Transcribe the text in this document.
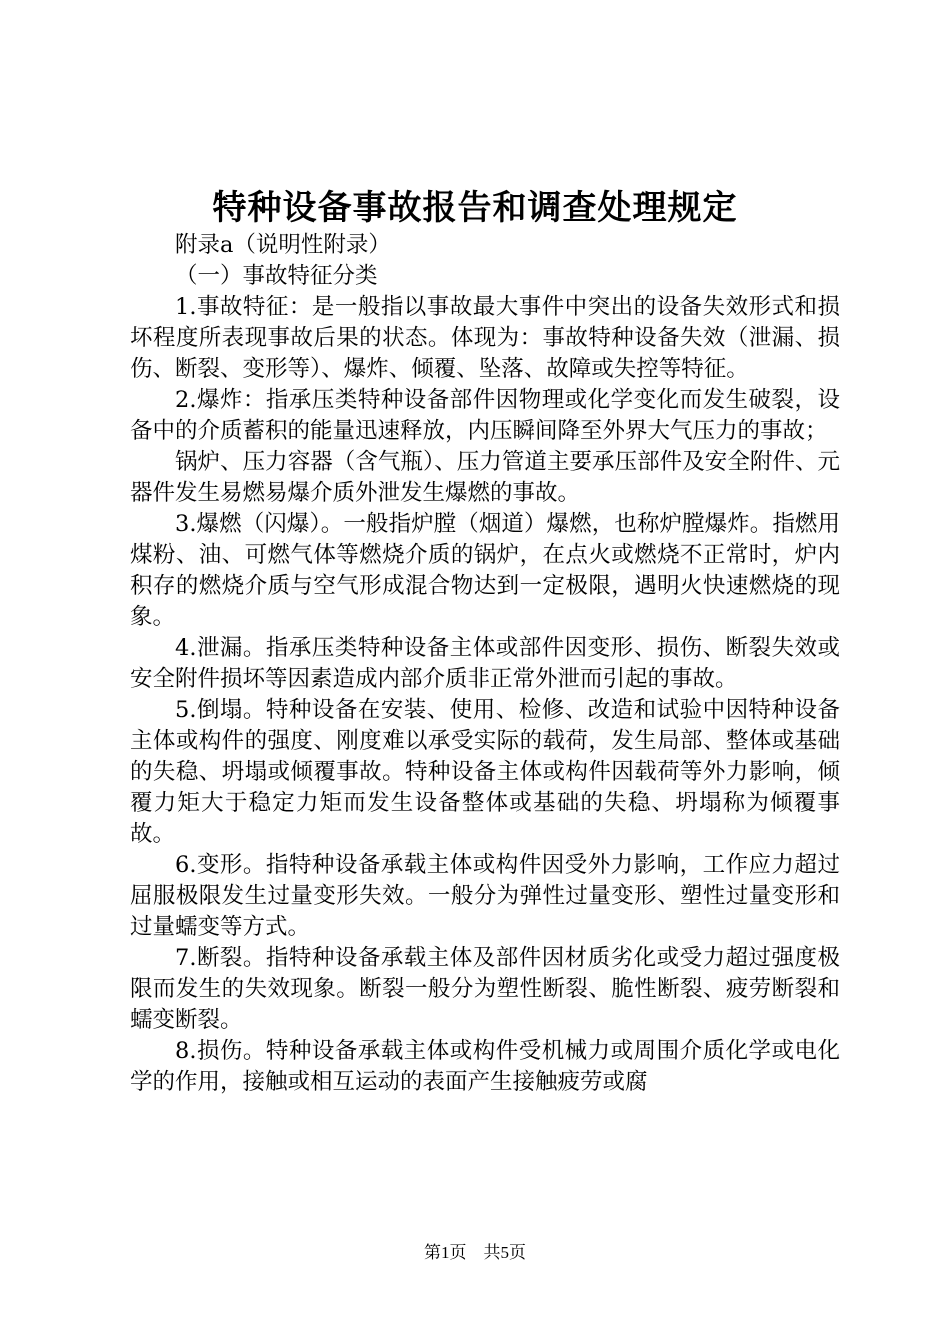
特种设备事故报告和调查处理规定

附录a（说明性附录）

（一）事故特征分类

1.事故特征：是一般指以事故最大事件中突出的设备失效形式和损坏程度所表现事故后果的状态。体现为：事故特种设备失效（泄漏、损伤、断裂、变形等）、爆炸、倾覆、坠落、故障或失控等特征。

2.爆炸：指承压类特种设备部件因物理或化学变化而发生破裂，设备中的介质蓄积的能量迅速释放，内压瞬间降至外界大气压力的事故；

锅炉、压力容器（含气瓶）、压力管道主要承压部件及安全附件、元器件发生易燃易爆介质外泄发生爆燃的事故。

3.爆燃（闪爆）。一般指炉膛（烟道）爆燃，也称炉膛爆炸。指燃用煤粉、油、可燃气体等燃烧介质的锅炉，在点火或燃烧不正常时，炉内积存的燃烧介质与空气形成混合物达到一定极限，遇明火快速燃烧的现象。

4.泄漏。指承压类特种设备主体或部件因变形、损伤、断裂失效或安全附件损坏等因素造成内部介质非正常外泄而引起的事故。

5.倒塌。特种设备在安装、使用、检修、改造和试验中因特种设备主体或构件的强度、刚度难以承受实际的载荷，发生局部、整体或基础的失稳、坍塌或倾覆事故。特种设备主体或构件因载荷等外力影响，倾覆力矩大于稳定力矩而发生设备整体或基础的失稳、坍塌称为倾覆事故。

6.变形。指特种设备承载主体或构件因受外力影响，工作应力超过屈服极限发生过量变形失效。一般分为弹性过量变形、塑性过量变形和过量蠕变等方式。

7.断裂。指特种设备承载主体及部件因材质劣化或受力超过强度极限而发生的失效现象。断裂一般分为塑性断裂、脆性断裂、疲劳断裂和蠕变断裂。

8.损伤。特种设备承载主体或构件受机械力或周围介质化学或电化学的作用，接触或相互运动的表面产生接触疲劳或腐

第1页 共5页
